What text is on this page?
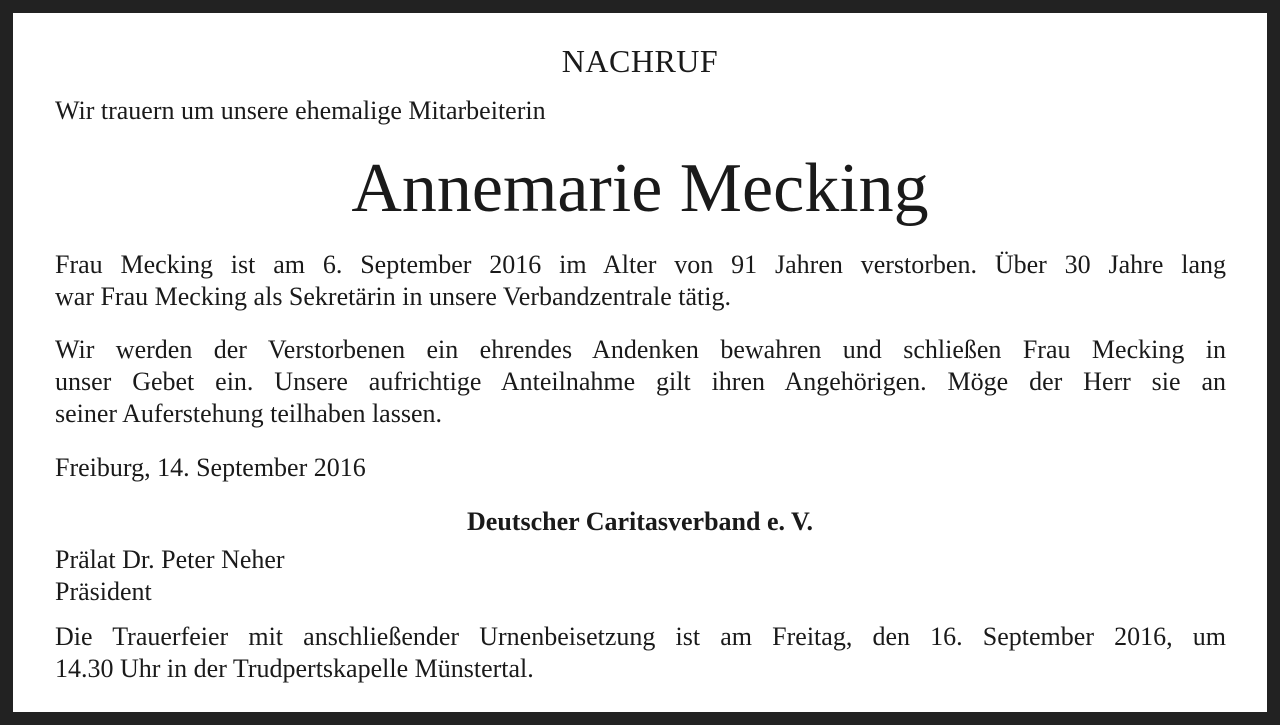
NACHRUF
Wir trauern um unsere ehemalige Mitarbeiterin
Annemarie Mecking
Frau Mecking ist am 6. September 2016 im Alter von 91 Jahren verstorben. Über 30 Jahre lang
war Frau Mecking als Sekretärin in unsere Verbandzentrale tätig.
Wir werden der Verstorbenen ein ehrendes Andenken bewahren und schließen Frau Mecking in
unser Gebet ein. Unsere aufrichtige Anteilnahme gilt ihren Angehörigen. Möge der Herr sie an
seiner Auferstehung teilhaben lassen.
Freiburg, 14. September 2016
Deutscher Caritasverband e. V.
Prälat Dr. Peter Neher
Präsident
Die Trauerfeier mit anschließender Urnenbeisetzung ist am Freitag, den 16. September 2016, um
14.30 Uhr in der Trudpertskapelle Münstertal.
